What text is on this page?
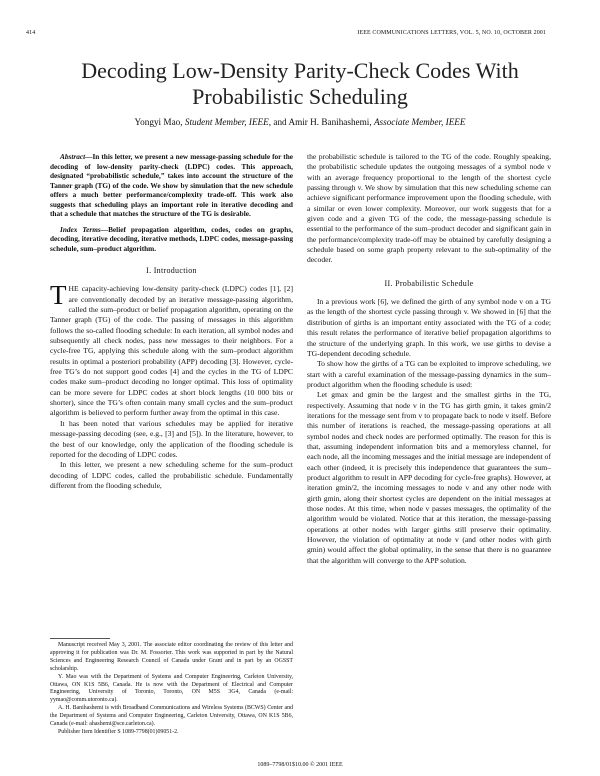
414	IEEE COMMUNICATIONS LETTERS, VOL. 5, NO. 10, OCTOBER 2001
Decoding Low-Density Parity-Check Codes With
Probabilistic Scheduling
Yongyi Mao, Student Member, IEEE, and Amir H. Banihashemi, Associate Member, IEEE

Abstract—In this letter, we present a new message-passing schedule for the decoding of low-density parity-check (LDPC) codes. This approach, designated “probabilistic schedule,” takes into account the structure of the Tanner graph (TG) of the code. We show by simulation that the new schedule offers a much better performance/complexity trade-off. This work also suggests that scheduling plays an important role in iterative decoding and that a schedule that matches the structure of the TG is desirable.

Index Terms—Belief propagation algorithm, codes, codes on graphs, decoding, iterative decoding, iterative methods, LDPC codes, message-passing schedule, sum–product algorithm.

I. Introduction

THE capacity-achieving low-density parity-check (LDPC) codes [1], [2] are conventionally decoded by an iterative message-passing algorithm, called the sum–product or belief propagation algorithm, operating on the Tanner graph (TG) of the code. The passing of messages in this algorithm follows the so-called flooding schedule: In each iteration, all symbol nodes and subsequently all check nodes, pass new messages to their neighbors. For a cycle-free TG, applying this schedule along with the sum–product algorithm results in optimal a posteriori probability (APP) decoding [3]. However, cycle-free TG’s do not support good codes [4] and the cycles in the TG of LDPC codes make sum–product decoding no longer optimal. This loss of optimality can be more severe for LDPC codes at short block lengths (10 000 bits or shorter), since the TG’s often contain many small cycles and the sum–product algorithm is believed to perform further away from the optimal in this case.

It has been noted that various schedules may be applied for iterative message-passing decoding (see, e.g., [3] and [5]). In the literature, however, to the best of our knowledge, only the application of the flooding schedule is reported for the decoding of LDPC codes.

In this letter, we present a new scheduling scheme for the sum–product decoding of LDPC codes, called the probabilistic schedule. Fundamentally different from the flooding schedule,

Manuscript received May 3, 2001. The associate editor coordinating the review of this letter and approving it for publication was Dr. M. Fossorier. This work was supported in part by the Natural Sciences and Engineering Research Council of Canada under Grant and in part by an OGSST scholarship.

Y. Mao was with the Department of Systems and Computer Engineering, Carleton University, Ottawa, ON K1S 5B6, Canada. He is now with the Department of Electrical and Computer Engineering, University of Toronto, Toronto, ON M5S 3G4, Canada (e-mail: yymao@comm.utoronto.ca).

A. H. Banihashemi is with Broadband Communications and Wireless Systems (BCWS) Center and the Department of Systems and Computer Engineering, Carleton University, Ottawa, ON K1S 5B6, Canada (e-mail: ahashemi@sce.carleton.ca).

Publisher Item Identifier S 1089-7798(01)09051-2.

the probabilistic schedule is tailored to the TG of the code. Roughly speaking, the probabilistic schedule updates the outgoing messages of a symbol node v with an average frequency proportional to the length of the shortest cycle passing through v. We show by simulation that this new scheduling scheme can achieve significant performance improvement upon the flooding schedule, with a similar or even lower complexity. Moreover, our work suggests that for a given code and a given TG of the code, the message-passing schedule is essential to the performance of the sum–product decoder and significant gain in the performance/complexity trade-off may be obtained by carefully designing a schedule based on some graph property relevant to the sub-optimality of the decoder.

II. Probabilistic Schedule

In a previous work [6], we defined the girth of any symbol node v on a TG as the length of the shortest cycle passing through v. We showed in [6] that the distribution of girths is an important entity associated with the TG of a code; this result relates the performance of iterative belief propagation algorithms to the structure of the underlying graph. In this work, we use girths to devise a TG-dependent decoding schedule.

To show how the girths of a TG can be exploited to improve scheduling, we start with a careful examination of the message-passing dynamics in the sum–product algorithm when the flooding schedule is used:

Let gmax and gmin be the largest and the smallest girths in the TG, respectively. Assuming that node v in the TG has girth gmin, it takes gmin/2 iterations for the message sent from v to propagate back to node v itself. Before this number of iterations is reached, the message-passing operations at all symbol nodes and check nodes are performed optimally. The reason for this is that, assuming independent information bits and a memoryless channel, for each node, all the incoming messages and the initial message are independent of each other (indeed, it is precisely this independence that guarantees the sum–product algorithm to result in APP decoding for cycle-free graphs). However, at iteration gmin/2, the incoming messages to node v and any other node with girth gmin, along their shortest cycles are dependent on the initial messages at those nodes. At this time, when node v passes messages, the optimality of the algorithm would be violated. Notice that at this iteration, the message-passing operations at other nodes with larger girths still preserve their optimality. However, the violation of optimality at node v (and other nodes with girth gmin) would affect the global optimality, in the sense that there is no guarantee that the algorithm will converge to the APP solution.

1089–7798/01$10.00 © 2001 IEEE
